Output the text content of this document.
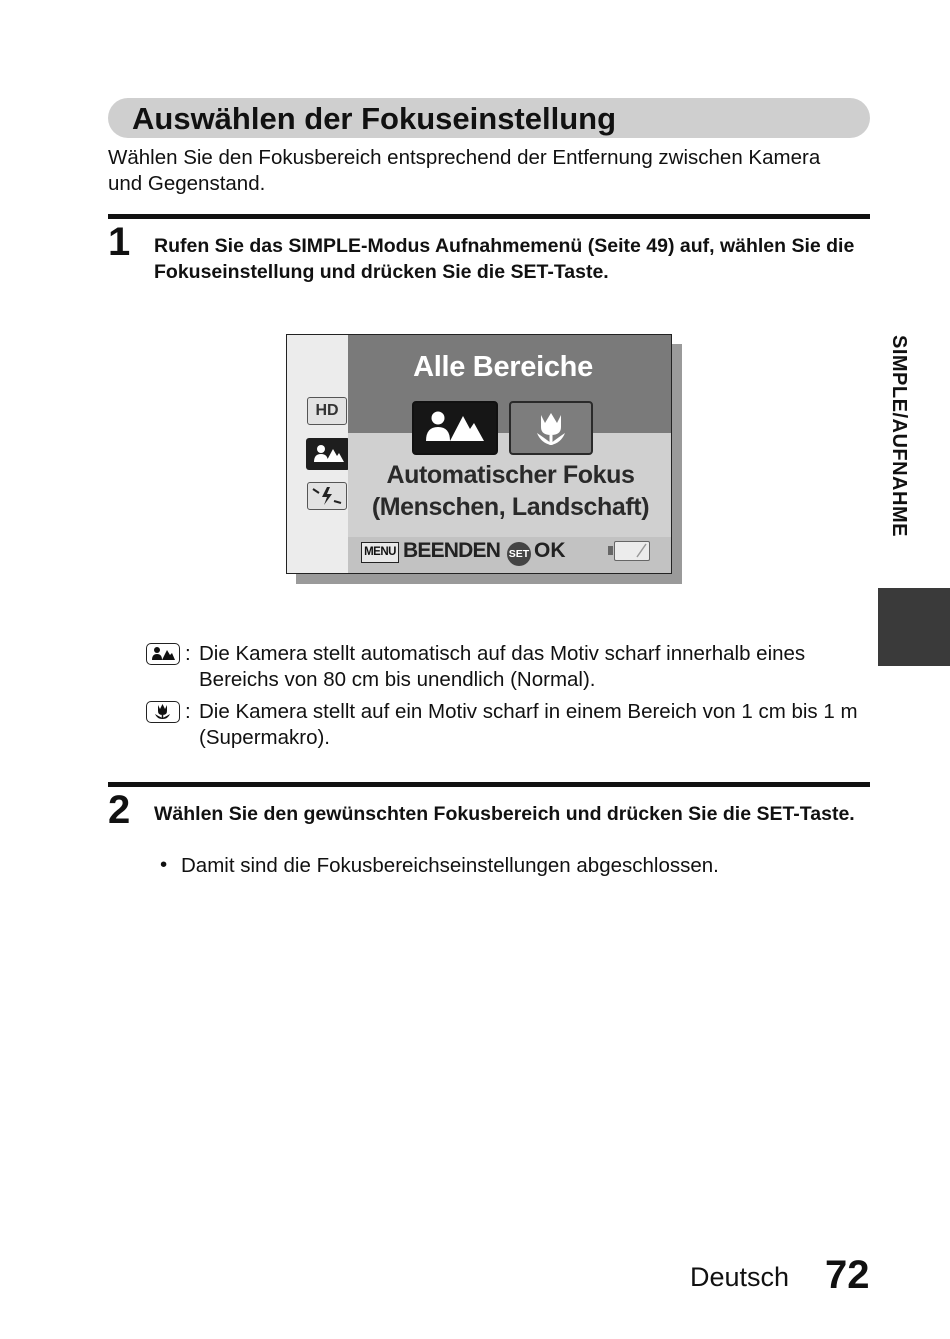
Auswählen der Fokuseinstellung
Wählen Sie den Fokusbereich entsprechend der Entfernung zwischen Kamera und Gegenstand.
SIMPLE/AUFNAHME
1 Rufen Sie das SIMPLE-Modus Aufnahmemenü (Seite 49) auf, wählen Sie die Fokuseinstellung und drücken Sie die SET-Taste.
HD
Alle Bereiche
Automatischer Fokus
(Menschen, Landschaft)
MENU BEENDEN SET OK
: Die Kamera stellt automatisch auf das Motiv scharf innerhalb eines Bereichs von 80 cm bis unendlich (Normal).
: Die Kamera stellt auf ein Motiv scharf in einem Bereich von 1 cm bis 1 m (Supermakro).
2 Wählen Sie den gewünschten Fokusbereich und drücken Sie die SET-Taste.
• Damit sind die Fokusbereichseinstellungen abgeschlossen.
Deutsch 72
